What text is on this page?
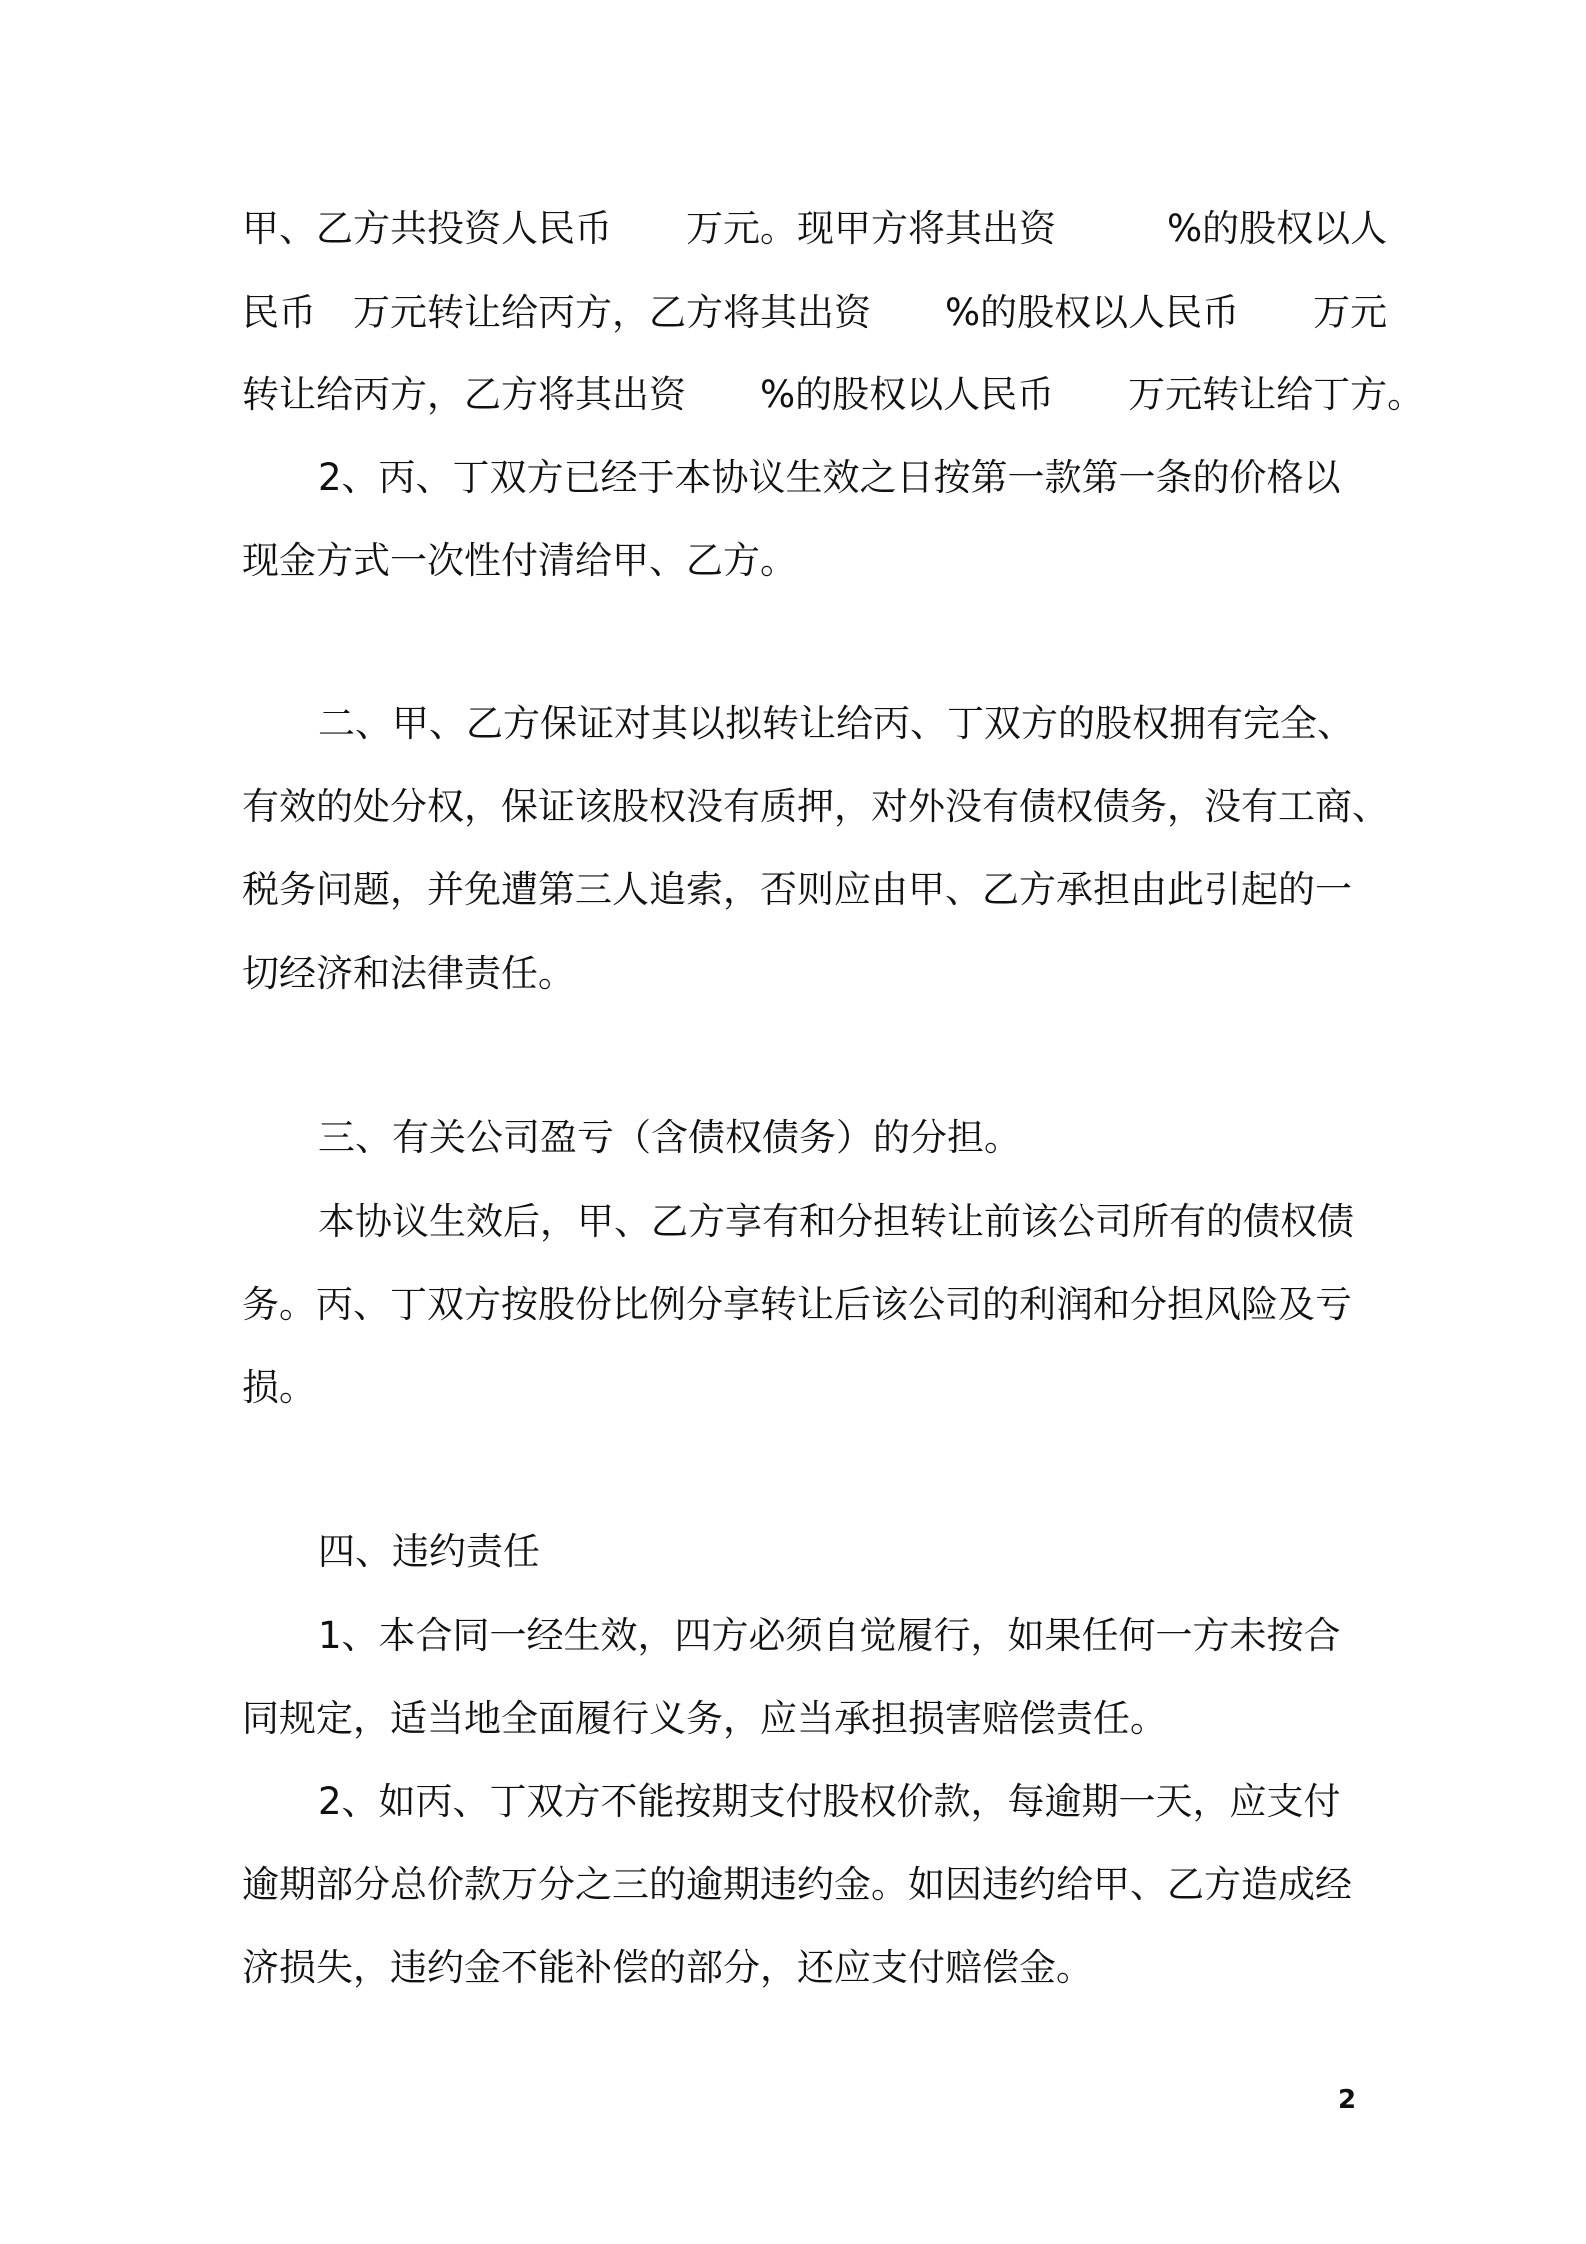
甲、乙方共投资人民币　　万元。现甲方将其出资　　　%的股权以人
民币　万元转让给丙方，乙方将其出资　　%的股权以人民币　　万元
转让给丙方，乙方将其出资　　%的股权以人民币　　万元转让给丁方。
2、丙、丁双方已经于本协议生效之日按第一款第一条的价格以
现金方式一次性付清给甲、乙方。
二、甲、乙方保证对其以拟转让给丙、丁双方的股权拥有完全、
有效的处分权，保证该股权没有质押，对外没有债权债务，没有工商、
税务问题，并免遭第三人追索，否则应由甲、乙方承担由此引起的一
切经济和法律责任。
三、有关公司盈亏（含债权债务）的分担。
本协议生效后，甲、乙方享有和分担转让前该公司所有的债权债
务。丙、丁双方按股份比例分享转让后该公司的利润和分担风险及亏
损。
四、违约责任
1、本合同一经生效，四方必须自觉履行，如果任何一方未按合
同规定，适当地全面履行义务，应当承担损害赔偿责任。
2、如丙、丁双方不能按期支付股权价款，每逾期一天，应支付
逾期部分总价款万分之三的逾期违约金。如因违约给甲、乙方造成经
济损失，违约金不能补偿的部分，还应支付赔偿金。
2
